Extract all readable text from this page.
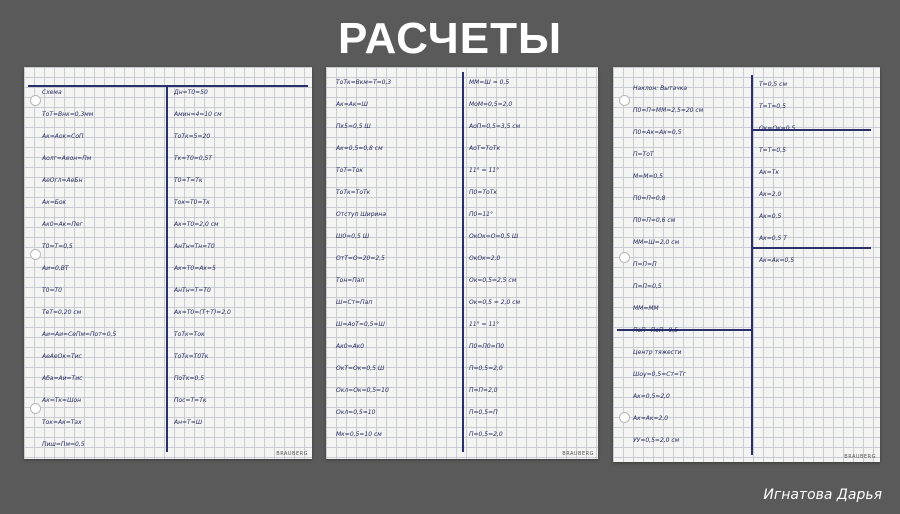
РАСЧЕТЫ
Схема
ТоТ=Bнк=0,3мм
Ак=Аок=СоП
Аолг=Аеон=Пм
АеОгл=АеБн
Ак=Бок
Ак0=Ак=Пег
Т0=Т=0,5
Аи=0,ВТ
Т0=Т0
ТеТ=0,20 см
Аи=Аи=СеПм=Пот=0,5
АеАеОк=Тис
Аба=Аи=Тис
Ак=Тк=Шон
Ток=Ак=Тах
Пиш=Пм=0,5
Дн=Т0=50
Амин=4=10 см
ТоТк=5=20
Тк=Т0=0,5Т
Т0=Т=Тк
Ток=Т0=Тк
Ак=Т0=2,0 см
АнТн=Тн=Т0
Ак=Т0=Ак=5
АнТн=Т=Т0
Ак=Т0=(Т+Т)=2,0
ТоТк=Ток
ТоТк=Т0Тк
ПоТк=0,5
Пос=Т=Тк
Ан=Т=Ш
BRAUBERG
ТоТк=Вкм=Т=0,3
Ак=Ак=Ш
Пк5=0,5 Ш
Ак=0,5=0,8 см
ТоТ=Ток
ТоТк=ТоТк
Отступ Ширина
Ш0=0,5 Ш
ОтТ=О=20=2,5
Тон=Пап
Ш=Ст=Пап
Ш=АоТ=0,5=Ш
Ак0=Ак0
ОкТ=Ок=0,5 Ш
Окл=Ок=0,5=10
Окл=0,5=10
Мк=0,5=10 см
ММ=Ш = 0,5
МоМ=0,5=2,0
АоП=0,5=3,5 см
АоТ=ТоТк
11° = 11°
П0=ТоТк
П0=11°
ОкОк=О=0,5 Ш
ОкОк=2,0
Ок=0,5=2,5 см
Ок=0,5 = 2,0 см
11° = 11°
П0=П0=П0
П=0,5=2,0
П=П=2,0
П=0,5=П
П=0,5=2,0
BRAUBERG
Наклон: Вытачка
П0=П=ММ=2,5=20 см
П0=Ак=Ак=0,5
П=ТоТ
М=М=0,5
П0=П=0,8
П0=П=0,6 см
ММ=Ш=2,0 см
П=П=П
П=П=0,5
ММ=ММ
ПоП=ПоП=0,5
Центр тяжести
Шоу=0,5=Ст=Тг
Ак=0,5=2,0
Ак=Ак=2,0
УУ=0,5=2,0 см
Т=0,5 см
Т=Т=0,5
Ок=Ок=0,5
Т=Т=0,5
Ак=Тк
Ак=2,0
Ак=0,5
Ак=0,5 Т
Ак=Ак=0,5
BRAUBERG
Игнатова Дарья
